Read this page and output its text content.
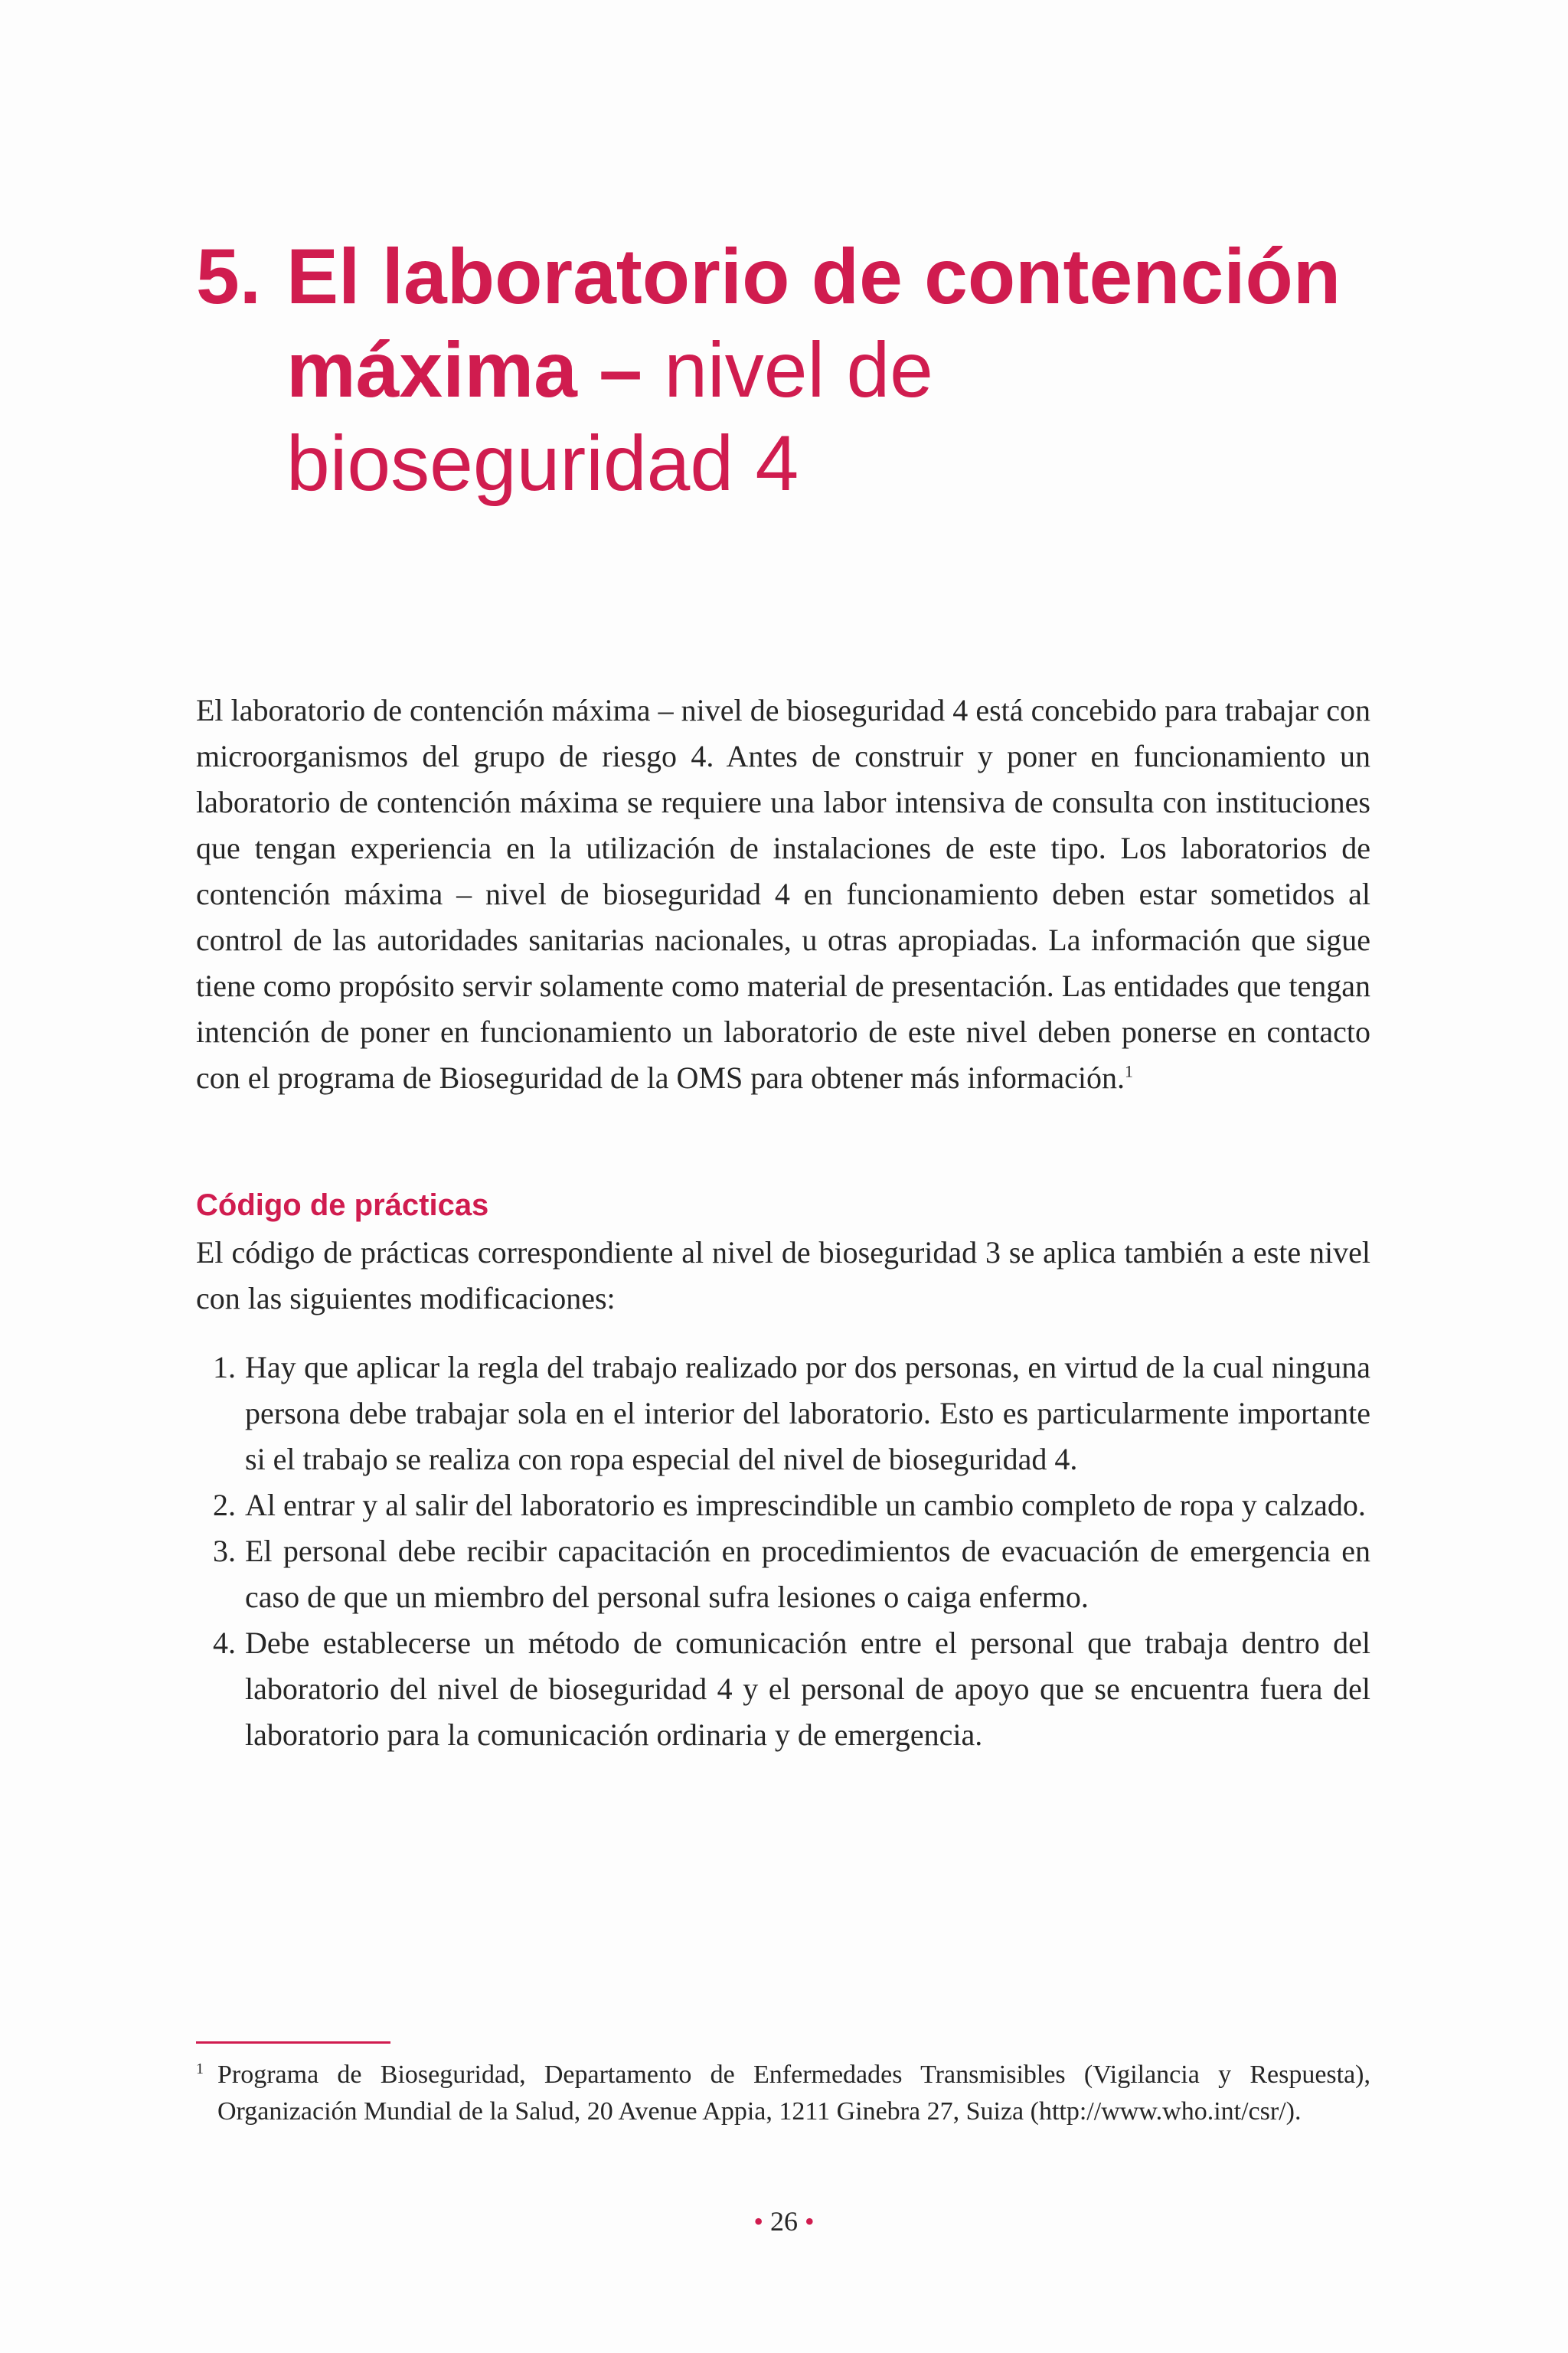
5. El laboratorio de contención
máxima – nivel de
bioseguridad 4

El laboratorio de contención máxima – nivel de bioseguridad 4 está concebido para trabajar con microorganismos del grupo de riesgo 4. Antes de construir y poner en funcionamiento un laboratorio de contención máxima se requiere una labor intensiva de consulta con instituciones que tengan experiencia en la utilización de instalaciones de este tipo. Los laboratorios de contención máxima – nivel de bioseguridad 4 en funcionamiento deben estar sometidos al control de las autoridades sanitarias nacionales, u otras apropiadas. La información que sigue tiene como propósito servir solamente como material de presentación. Las entidades que tengan intención de poner en funcionamiento un laboratorio de este nivel deben ponerse en contacto con el programa de Bioseguridad de la OMS para obtener más información.$^1$

Código de prácticas

El código de prácticas correspondiente al nivel de bioseguridad 3 se aplica también a este nivel con las siguientes modificaciones:

1. Hay que aplicar la regla del trabajo realizado por dos personas, en virtud de la cual ninguna persona debe trabajar sola en el interior del laboratorio. Esto es particularmente importante si el trabajo se realiza con ropa especial del nivel de bioseguridad 4.
2. Al entrar y al salir del laboratorio es imprescindible un cambio completo de ropa y calzado.
3. El personal debe recibir capacitación en procedimientos de evacuación de emergencia en caso de que un miembro del personal sufra lesiones o caiga enfermo.
4. Debe establecerse un método de comunicación entre el personal que trabaja dentro del laboratorio del nivel de bioseguridad 4 y el personal de apoyo que se encuentra fuera del laboratorio para la comunicación ordinaria y de emergencia.

1 Programa de Bioseguridad, Departamento de Enfermedades Transmisibles (Vigilancia y Respuesta), Organización Mundial de la Salud, 20 Avenue Appia, 1211 Ginebra 27, Suiza (http://www.who.int/csr/).

• 26 •
